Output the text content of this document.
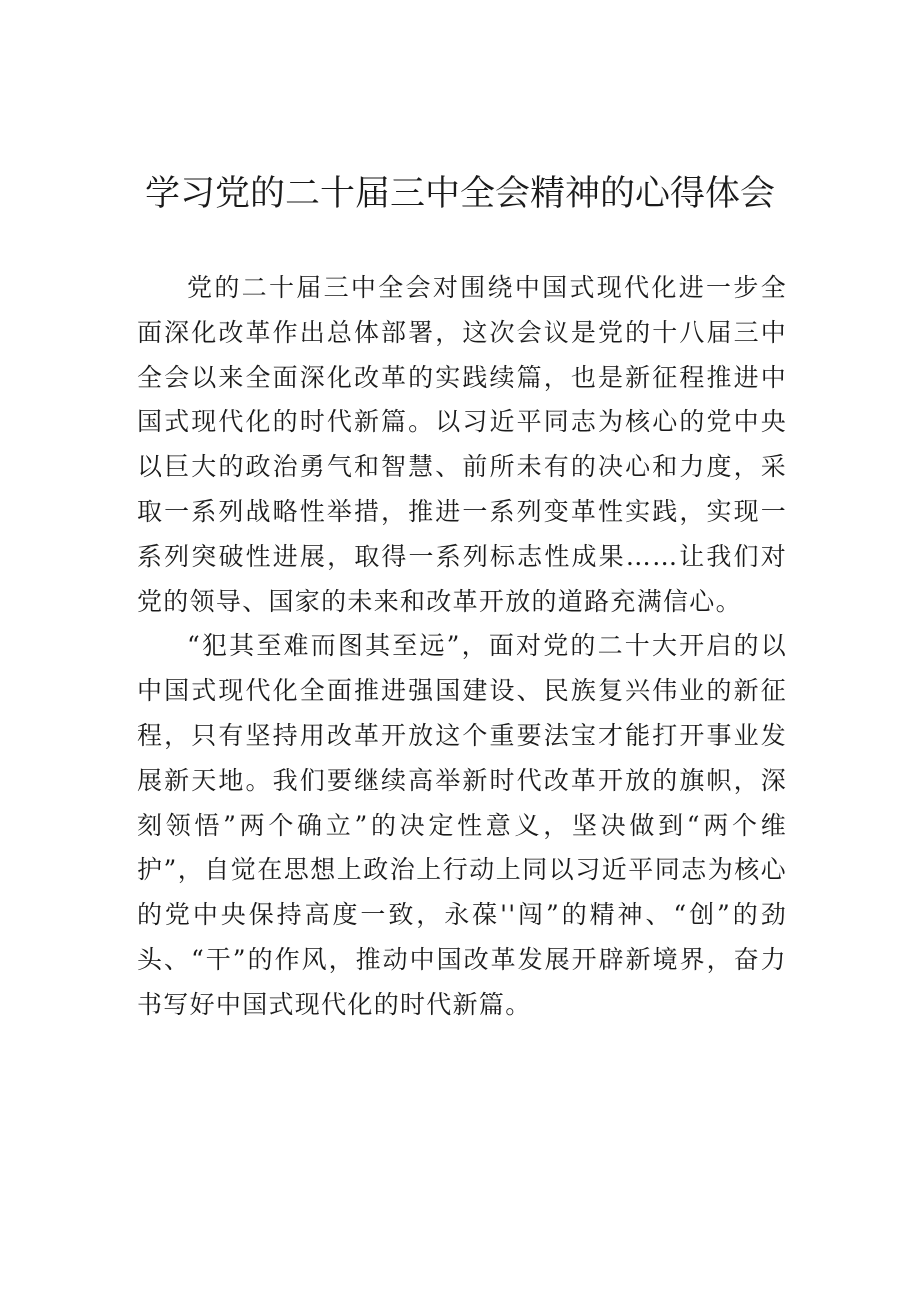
学习党的二十届三中全会精神的心得体会

党的二十届三中全会对围绕中国式现代化进一步全面深化改革作出总体部署，这次会议是党的十八届三中全会以来全面深化改革的实践续篇，也是新征程推进中国式现代化的时代新篇。以习近平同志为核心的党中央以巨大的政治勇气和智慧、前所未有的决心和力度，采取一系列战略性举措，推进一系列变革性实践，实现一系列突破性进展，取得一系列标志性成果……让我们对党的领导、国家的未来和改革开放的道路充满信心。

“犯其至难而图其至远”，面对党的二十大开启的以中国式现代化全面推进强国建设、民族复兴伟业的新征程，只有坚持用改革开放这个重要法宝才能打开事业发展新天地。我们要继续高举新时代改革开放的旗帜，深刻领悟”两个确立”的决定性意义，坚决做到“两个维护”，自觉在思想上政治上行动上同以习近平同志为核心的党中央保持高度一致，永葆''闯”的精神、“创”的劲头、“干”的作风，推动中国改革发展开辟新境界，奋力书写好中国式现代化的时代新篇。
